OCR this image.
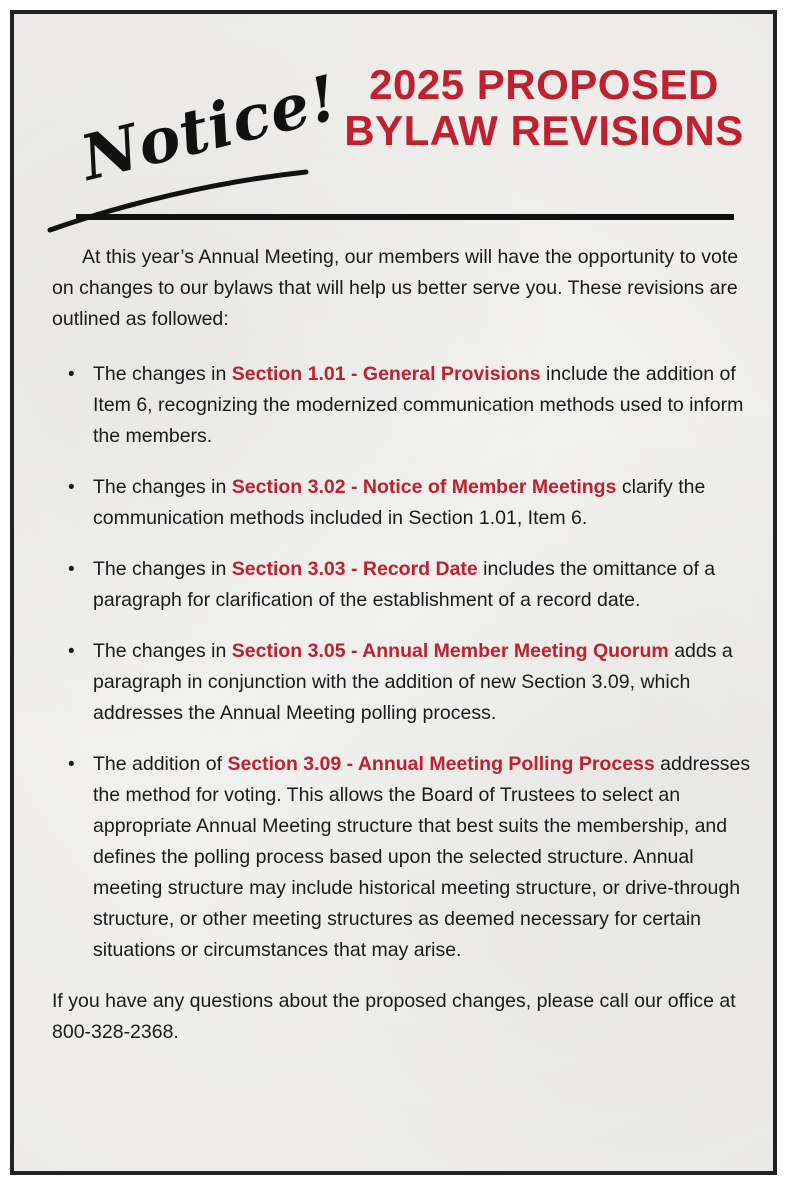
Notice! 2025 PROPOSED
BYLAW REVISIONS

At this year’s Annual Meeting, our members will have the opportunity to vote on changes to our bylaws that will help us better serve you. These revisions are outlined as followed:

• The changes in Section 1.01 - General Provisions include the addition of Item 6, recognizing the modernized communication methods used to inform the members.
• The changes in Section 3.02 - Notice of Member Meetings clarify the communication methods included in Section 1.01, Item 6.
• The changes in Section 3.03 - Record Date includes the omittance of a paragraph for clarification of the establishment of a record date.
• The changes in Section 3.05 - Annual Member Meeting Quorum adds a paragraph in conjunction with the addition of new Section 3.09, which addresses the Annual Meeting polling process.
• The addition of Section 3.09 - Annual Meeting Polling Process addresses the method for voting. This allows the Board of Trustees to select an appropriate Annual Meeting structure that best suits the membership, and defines the polling process based upon the selected structure. Annual meeting structure may include historical meeting structure, or drive-through structure, or other meeting structures as deemed necessary for certain situations or circumstances that may arise.

If you have any questions about the proposed changes, please call our office at 800-328-2368.
